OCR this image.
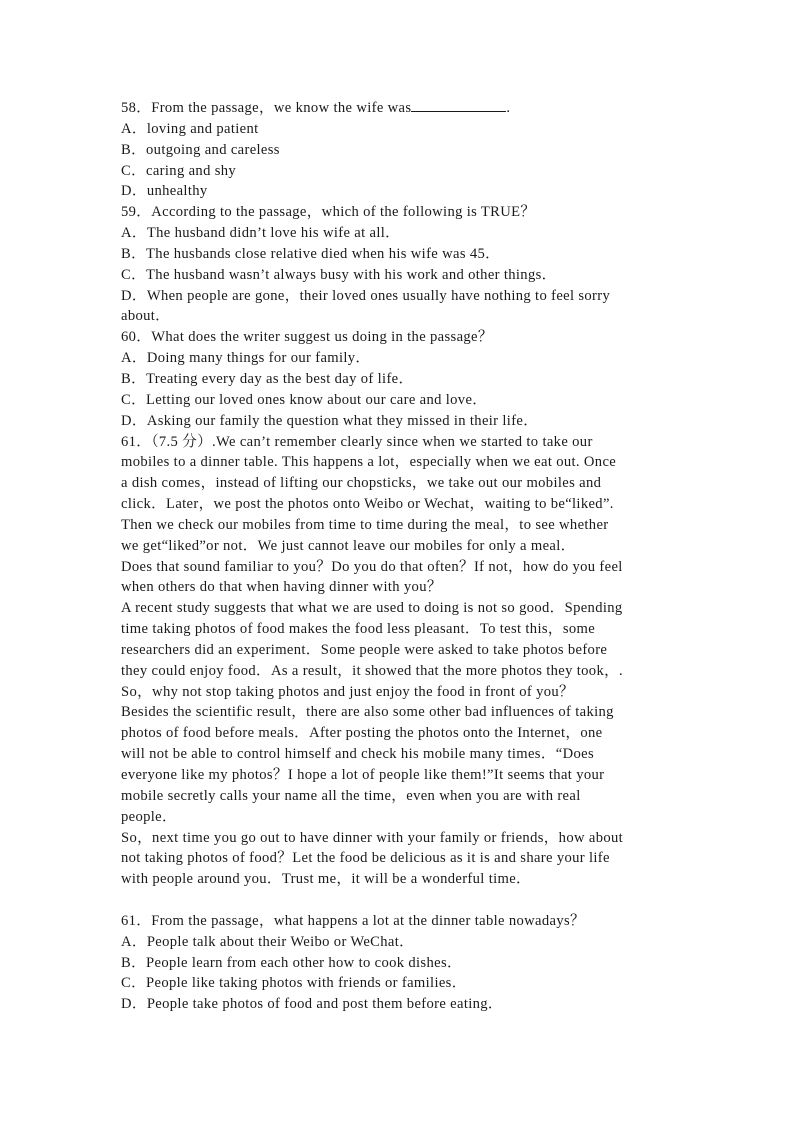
58．From the passage，we know the wife was	.
A．loving and patient
B．outgoing and careless
C．caring and shy
D．unhealthy
59．According to the passage，which of the following is TRUE？
A．The husband didn’t love his wife at all．
B．The husbands close relative died when his wife was 45．
C．The husband wasn’t always busy with his work and other things．
D．When people are gone，their loved ones usually have nothing to feel sorry
about．
60．What does the writer suggest us doing in the passage？
A．Doing many things for our family．
B．Treating every day as the best day of life．
C．Letting our loved ones know about our care and love．
D．Asking our family the question what they missed in their life．
61．（7.5 分）.We can’t remember clearly since when we started to take our
mobiles to a dinner table. This happens a lot，especially when we eat out. Once
a dish comes，instead of lifting our chopsticks，we take out our mobiles and
click．Later，we post the photos onto Weibo or Wechat，waiting to be“liked”.
Then we check our mobiles from time to time during the meal，to see whether
we get“liked”or not．We just cannot leave our mobiles for only a meal．
Does that sound familiar to you？Do you do that often？If not，how do you feel
when others do that when having dinner with you？
A recent study suggests that what we are used to doing is not so good．Spending
time taking photos of food makes the food less pleasant．To test this，some
researchers did an experiment．Some people were asked to take photos before
they could enjoy food．As a result，it showed that the more photos they took，.
So，why not stop taking photos and just enjoy the food in front of you？
Besides the scientific result，there are also some other bad influences of taking
photos of food before meals．After posting the photos onto the Internet，one
will not be able to control himself and check his mobile many times．“Does
everyone like my photos？I hope a lot of people like them!”It seems that your
mobile secretly calls your name all the time，even when you are with real
people．
So，next time you go out to have dinner with your family or friends，how about
not taking photos of food？Let the food be delicious as it is and share your life
with people around you．Trust me，it will be a wonderful time．
61．From the passage，what happens a lot at the dinner table nowadays？
A．People talk about their Weibo or WeChat．
B．People learn from each other how to cook dishes．
C．People like taking photos with friends or families．
D．People take photos of food and post them before eating．
